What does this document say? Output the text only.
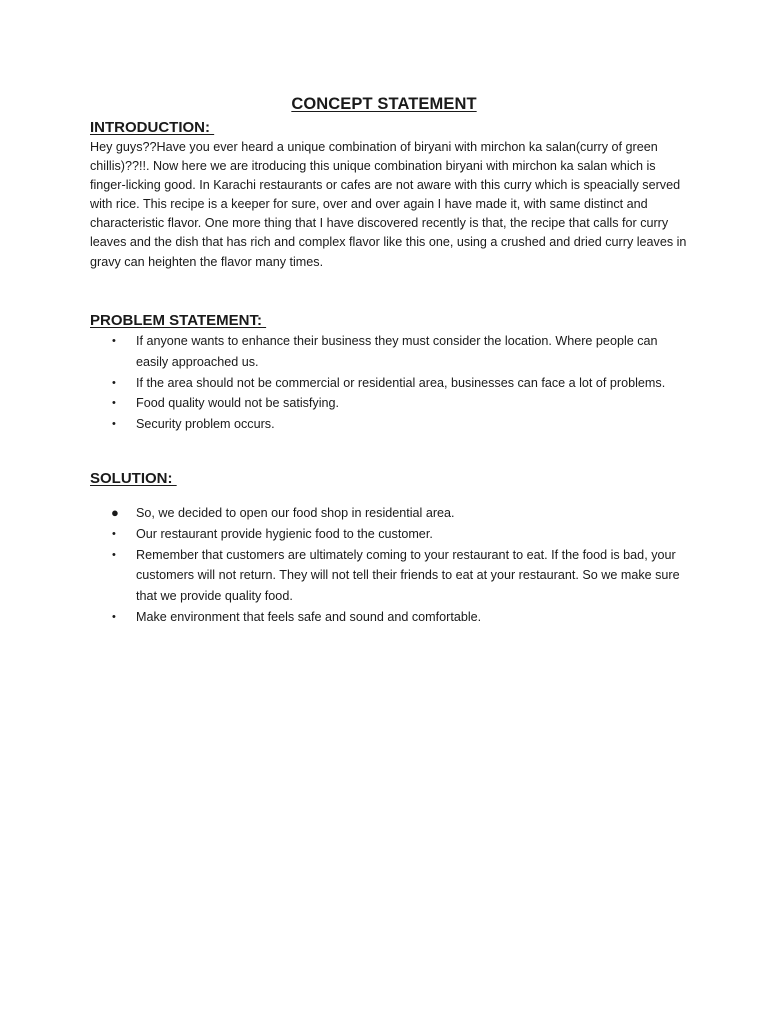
CONCEPT STATEMENT
INTRODUCTION:
Hey guys??Have you ever heard a unique combination of biryani with mirchon ka salan(curry of green chillis)??!!. Now here we are itroducing this unique combination biryani with mirchon ka salan which is finger-licking good. In Karachi restaurants or cafes are not aware with this curry which is speacially served with rice. This recipe is a keeper for sure, over and over again I have made it, with same distinct and characteristic flavor. One more thing that I have discovered recently is that, the recipe that calls for curry leaves and the dish that has rich and complex flavor like this one, using a crushed and dried curry leaves in gravy can heighten the flavor many times.
PROBLEM STATEMENT:
• If anyone wants to enhance their business they must consider the location. Where people can easily approached us.
• If the area should not be commercial or residential area, businesses can face a lot of problems.
• Food quality would not be satisfying.
• Security problem occurs.
SOLUTION:
● So, we decided to open our food shop in residential area.
• Our restaurant provide hygienic food to the customer.
• Remember that customers are ultimately coming to your restaurant to eat. If the food is bad, your customers will not return. They will not tell their friends to eat at your restaurant. So we make sure that we provide quality food.
• Make environment that feels safe and sound and comfortable.
